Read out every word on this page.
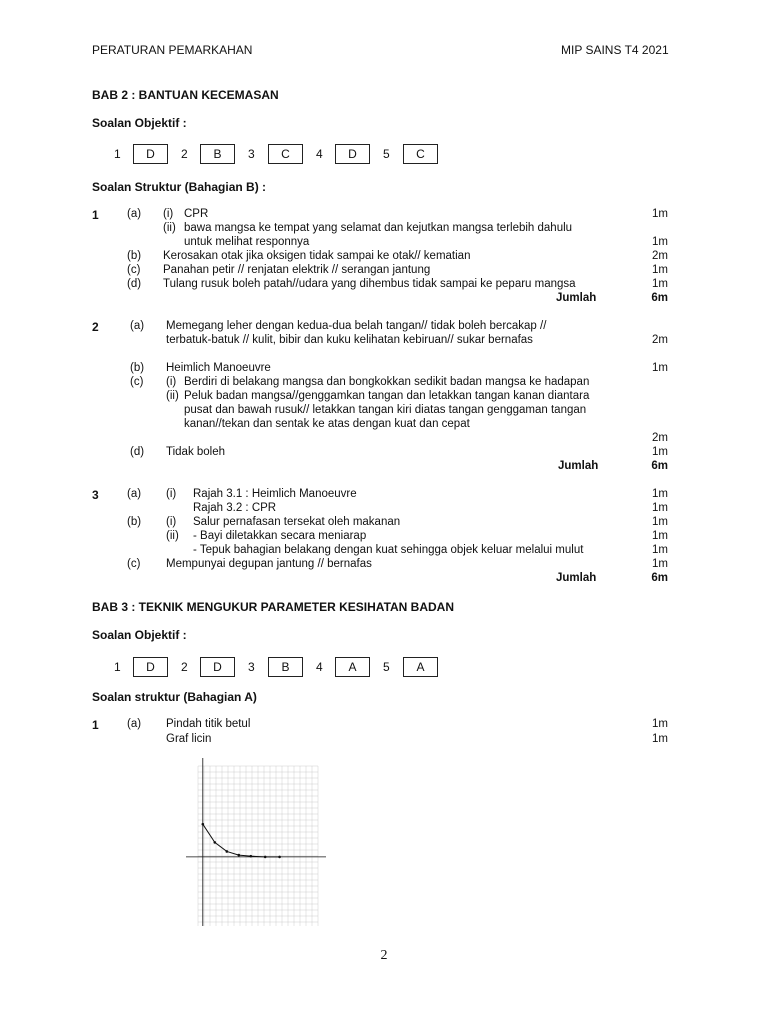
PERATURAN PEMARKAHAN	MIP SAINS T4 2021
BAB 2 : BANTUAN KECEMASAN
Soalan Objektif :
1	D	2	B	3	C	4	D	5	C
Soalan Struktur (Bahagian B) :
1 (a) (i) CPR	1m
(ii) bawa mangsa ke tempat yang selamat dan kejutkan mangsa terlebih dahulu
untuk melihat responnya	1m
(b) Kerosakan otak jika oksigen tidak sampai ke otak// kematian	2m
(c) Panahan petir // renjatan elektrik // serangan jantung	1m
(d) Tulang rusuk boleh patah//udara yang dihembus tidak sampai ke peparu mangsa	1m
Jumlah	6m
2	(a) Memegang leher dengan kedua-dua belah tangan// tidak boleh bercakap //
terbatuk-batuk // kulit, bibir dan kuku kelihatan kebiruan// sukar bernafas	2m
(b) Heimlich Manoeuvre	1m
(c) (i) Berdiri di belakang mangsa dan bongkokkan sedikit badan mangsa ke hadapan
(ii) Peluk badan mangsa//genggamkan tangan dan letakkan tangan kanan diantara
pusat dan bawah rusuk// letakkan tangan kiri diatas tangan genggaman tangan
kanan//tekan dan sentak ke atas dengan kuat dan cepat
2m
(d) Tidak boleh	1m
Jumlah	6m
3 (a) (i) Rajah 3.1 : Heimlich Manoeuvre	1m
Rajah 3.2 : CPR	1m
(b) (i) Salur pernafasan tersekat oleh makanan	1m
(ii) - Bayi diletakkan secara meniarap	1m
- Tepuk bahagian belakang dengan kuat sehingga objek keluar melalui mulut	1m
(c) Mempunyai degupan jantung // bernafas	1m
Jumlah	6m
BAB 3 : TEKNIK MENGUKUR PARAMETER KESIHATAN BADAN
Soalan Objektif :
1	D	2	D	3	B	4	A	5	A
Soalan struktur (Bahagian A)
1 (a) Pindah titik betul	1m
Graf licin	1m
2
